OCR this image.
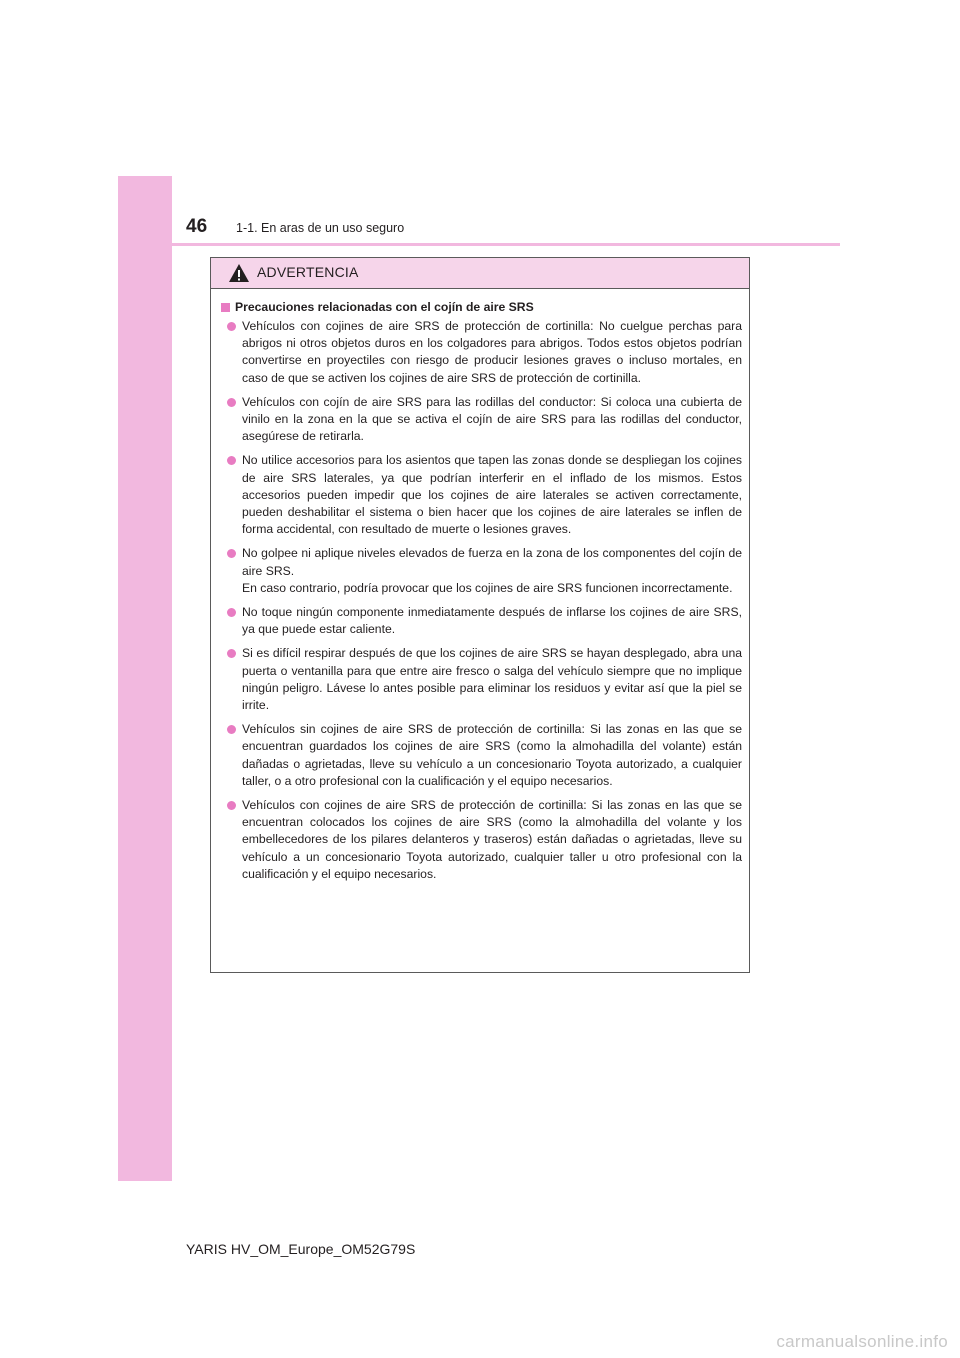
46 1-1. En aras de un uso seguro
ADVERTENCIA
Precauciones relacionadas con el cojín de aire SRS
Vehículos con cojines de aire SRS de protección de cortinilla: No cuelgue perchas para abrigos ni otros objetos duros en los colgadores para abrigos. Todos estos objetos podrían convertirse en proyectiles con riesgo de producir lesiones graves o incluso mortales, en caso de que se activen los cojines de aire SRS de protección de cortinilla.
Vehículos con cojín de aire SRS para las rodillas del conductor: Si coloca una cubierta de vinilo en la zona en la que se activa el cojín de aire SRS para las rodillas del conductor, asegúrese de retirarla.
No utilice accesorios para los asientos que tapen las zonas donde se despliegan los cojines de aire SRS laterales, ya que podrían interferir en el inflado de los mismos. Estos accesorios pueden impedir que los cojines de aire laterales se activen correctamente, pueden deshabilitar el sistema o bien hacer que los cojines de aire laterales se inflen de forma accidental, con resultado de muerte o lesiones graves.
No golpee ni aplique niveles elevados de fuerza en la zona de los componentes del cojín de aire SRS.
En caso contrario, podría provocar que los cojines de aire SRS funcionen incorrectamente.
No toque ningún componente inmediatamente después de inflarse los cojines de aire SRS, ya que puede estar caliente.
Si es difícil respirar después de que los cojines de aire SRS se hayan desplegado, abra una puerta o ventanilla para que entre aire fresco o salga del vehículo siempre que no implique ningún peligro. Lávese lo antes posible para eliminar los residuos y evitar así que la piel se irrite.
Vehículos sin cojines de aire SRS de protección de cortinilla: Si las zonas en las que se encuentran guardados los cojines de aire SRS (como la almohadilla del volante) están dañadas o agrietadas, lleve su vehículo a un concesionario Toyota autorizado, a cualquier taller, o a otro profesional con la cualificación y el equipo necesarios.
Vehículos con cojines de aire SRS de protección de cortinilla: Si las zonas en las que se encuentran colocados los cojines de aire SRS (como la almohadilla del volante y los embellecedores de los pilares delanteros y traseros) están dañadas o agrietadas, lleve su vehículo a un concesionario Toyota autorizado, cualquier taller u otro profesional con la cualificación y el equipo necesarios.
YARIS HV_OM_Europe_OM52G79S
carmanualsonline.info
